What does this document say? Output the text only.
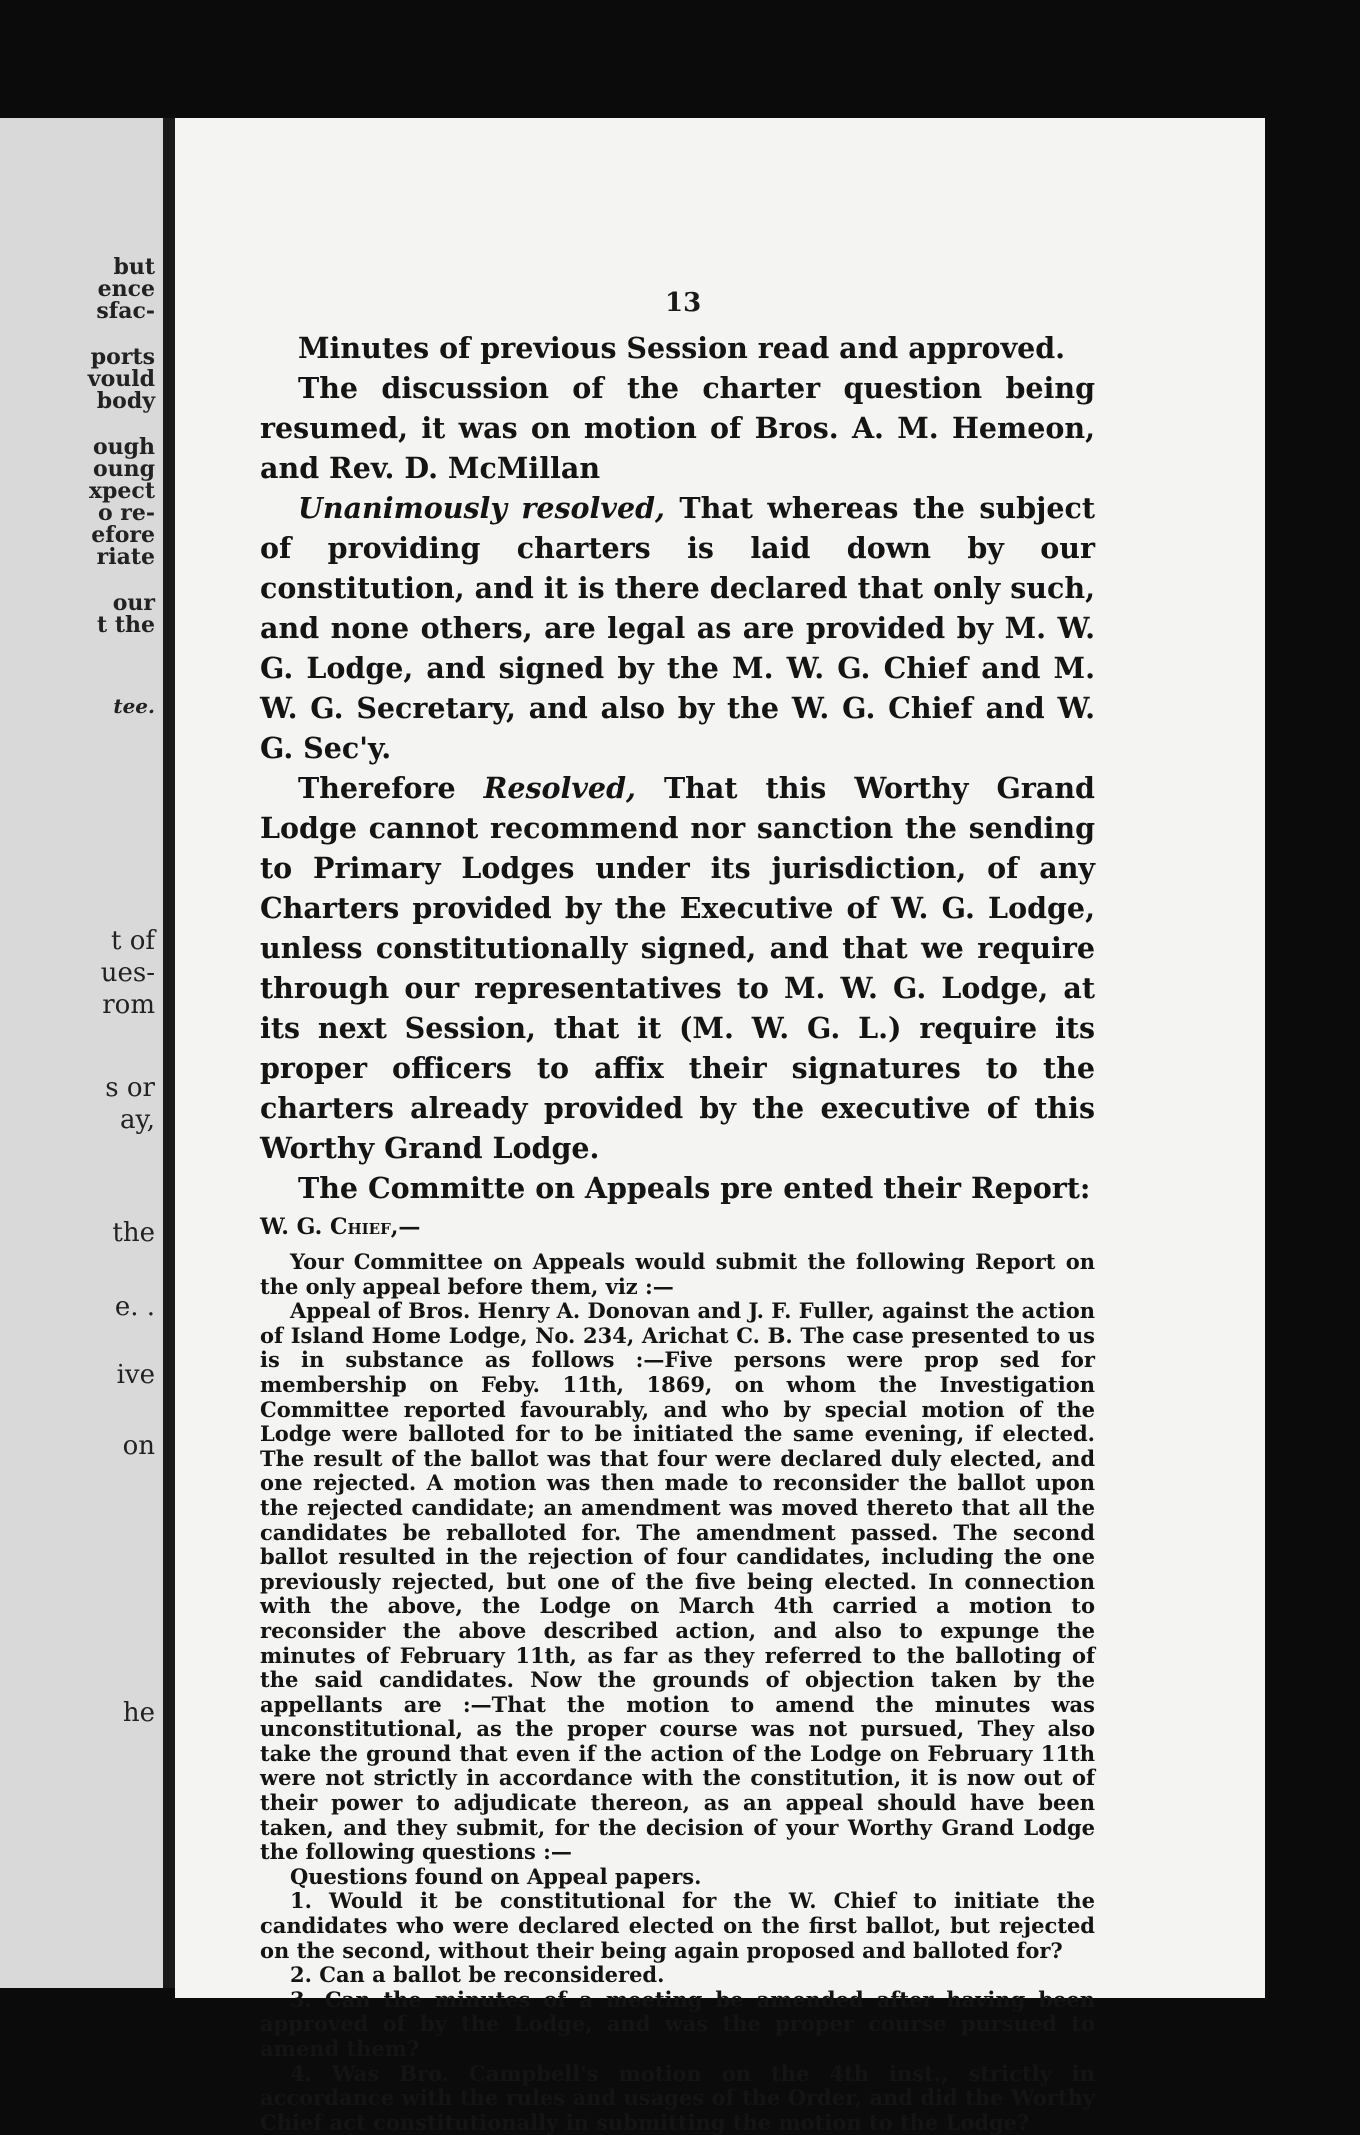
but

ence

sfac-

ports

vould

body

ough

oung

xpect

o re-

efore

riate

our

t the

tee.

t of

ues-

rom

s or

ay,

the

e. .

ive

on

he

13

Minutes of previous Session read and approved.

The discussion of the charter question being resumed, it was on motion of Bros. A. M. Hemeon, and Rev. D. McMillan

Unanimously resolved, That whereas the subject of providing charters is laid down by our constitution, and it is there declared that only such, and none others, are legal as are provided by M. W. G. Lodge, and signed by the M. W. G. Chief and M. W. G. Secretary, and also by the W. G. Chief and W. G. Sec'y.

Therefore Resolved, That this Worthy Grand Lodge cannot recommend nor sanction the sending to Primary Lodges under its jurisdiction, of any Charters provided by the Executive of W. G. Lodge, unless constitutionally signed, and that we require through our representatives to M. W. G. Lodge, at its next Session, that it (M. W. G. L.) require its proper officers to affix their signatures to the charters already provided by the executive of this Worthy Grand Lodge.

The Committe on Appeals pre ented their Report:

W. G. Chief,—

Your Committee on Appeals would submit the following Report on the only appeal before them, viz :—

Appeal of Bros. Henry A. Donovan and J. F. Fuller, against the action of Island Home Lodge, No. 234, Arichat C. B. The case presented to us is in substance as follows :—Five persons were prop sed for membership on Feby. 11th, 1869, on whom the Investigation Committee reported favourably, and who by special motion of the Lodge were balloted for to be initiated the same evening, if elected. The result of the ballot was that four were declared duly elected, and one rejected. A motion was then made to reconsider the ballot upon the rejected candidate; an amendment was moved thereto that all the candidates be reballoted for. The amendment passed. The second ballot resulted in the rejection of four candidates, including the one previously rejected, but one of the five being elected. In connection with the above, the Lodge on March 4th carried a motion to reconsider the above described action, and also to expunge the minutes of February 11th, as far as they referred to the balloting of the said candidates. Now the grounds of objection taken by the appellants are :—That the motion to amend the minutes was unconstitutional, as the proper course was not pursued, They also take the ground that even if the action of the Lodge on February 11th were not strictly in accordance with the constitution, it is now out of their power to adjudicate thereon, as an appeal should have been taken, and they submit, for the decision of your Worthy Grand Lodge the following questions :—

Questions found on Appeal papers.

1. Would it be constitutional for the W. Chief to initiate the candidates who were declared elected on the first ballot, but rejected on the second, without their being again proposed and balloted for?

2. Can a ballot be reconsidered.

3. Can the minutes of a meeting be amended after having been approved of by the Lodge, and was the proper course pursued to amend them?

4. Was Bro. Campbell's motion on the 4th inst., strictly in accordance with the rules and usages of the Order, and did the Worthy Chief act constitutionally in submitting the motion to the Lodge?
